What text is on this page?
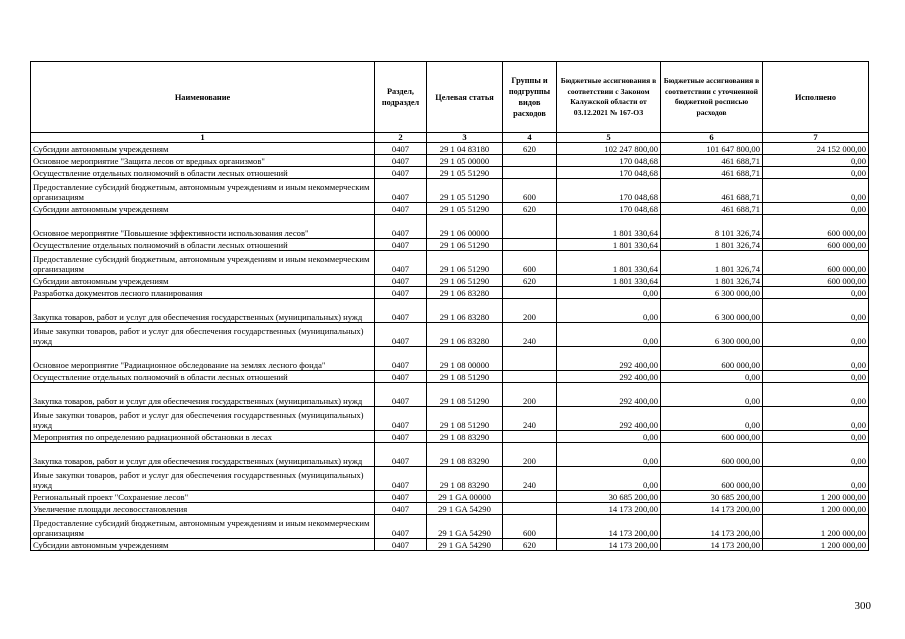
Наименование	Раздел, подраздел	Целевая статья	Группы и подгруппы видов расходов	Бюджетные ассигнования в соответствии с Законом Калужской области от 03.12.2021 № 167-ОЗ	Бюджетные ассигнования в соответствии с уточненной бюджетной росписью расходов	Исполнено
1	2	3	4	5	6	7
Субсидии автономным учреждениям	0407	29 1 04 83180	620	102 247 800,00	101 647 800,00	24 152 000,00
Основное мероприятие "Защита лесов от вредных организмов"	0407	29 1 05 00000		170 048,68	461 688,71	0,00
Осуществление отдельных полномочий в области лесных отношений	0407	29 1 05 51290		170 048,68	461 688,71	0,00
Предоставление субсидий бюджетным, автономным учреждениям и иным некоммерческим организациям	0407	29 1 05 51290	600	170 048,68	461 688,71	0,00
Субсидии автономным учреждениям	0407	29 1 05 51290	620	170 048,68	461 688,71	0,00
Основное мероприятие "Повышение эффективности использования лесов"	0407	29 1 06 00000		1 801 330,64	8 101 326,74	600 000,00
Осуществление отдельных полномочий в области лесных отношений	0407	29 1 06 51290		1 801 330,64	1 801 326,74	600 000,00
Предоставление субсидий бюджетным, автономным учреждениям и иным некоммерческим организациям	0407	29 1 06 51290	600	1 801 330,64	1 801 326,74	600 000,00
Субсидии автономным учреждениям	0407	29 1 06 51290	620	1 801 330,64	1 801 326,74	600 000,00
Разработка документов лесного планирования	0407	29 1 06 83280		0,00	6 300 000,00	0,00
Закупка товаров, работ и услуг для обеспечения государственных (муниципальных) нужд	0407	29 1 06 83280	200	0,00	6 300 000,00	0,00
Иные закупки товаров, работ и услуг для обеспечения государственных (муниципальных) нужд	0407	29 1 06 83280	240	0,00	6 300 000,00	0,00
Основное мероприятие "Радиационное обследование на землях лесного фонда"	0407	29 1 08 00000		292 400,00	600 000,00	0,00
Осуществление отдельных полномочий в области лесных отношений	0407	29 1 08 51290		292 400,00	0,00	0,00
Закупка товаров, работ и услуг для обеспечения государственных (муниципальных) нужд	0407	29 1 08 51290	200	292 400,00	0,00	0,00
Иные закупки товаров, работ и услуг для обеспечения государственных (муниципальных) нужд	0407	29 1 08 51290	240	292 400,00	0,00	0,00
Мероприятия по определению радиационной обстановки в лесах	0407	29 1 08 83290		0,00	600 000,00	0,00
Закупка товаров, работ и услуг для обеспечения государственных (муниципальных) нужд	0407	29 1 08 83290	200	0,00	600 000,00	0,00
Иные закупки товаров, работ и услуг для обеспечения государственных (муниципальных) нужд	0407	29 1 08 83290	240	0,00	600 000,00	0,00
Региональный проект "Сохранение лесов"	0407	29 1 GA 00000		30 685 200,00	30 685 200,00	1 200 000,00
Увеличение площади лесовосстановления	0407	29 1 GA 54290		14 173 200,00	14 173 200,00	1 200 000,00
Предоставление субсидий бюджетным, автономным учреждениям и иным некоммерческим организациям	0407	29 1 GA 54290	600	14 173 200,00	14 173 200,00	1 200 000,00
Субсидии автономным учреждениям	0407	29 1 GA 54290	620	14 173 200,00	14 173 200,00	1 200 000,00
300
